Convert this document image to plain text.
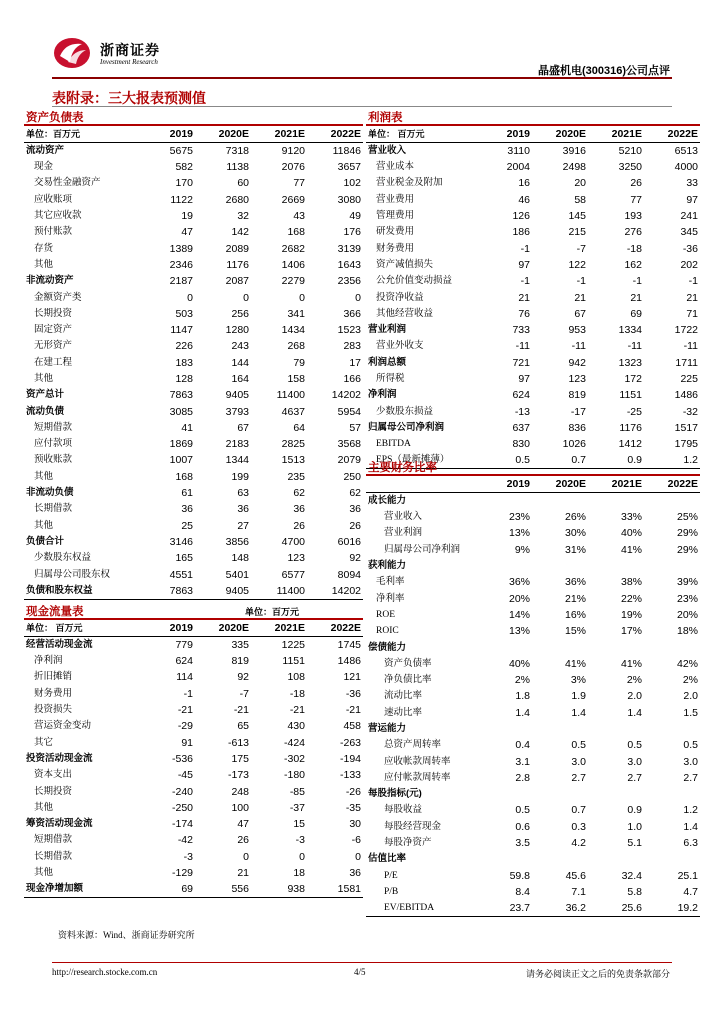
浙商证券
Investment Research
晶盛机电(300316)公司点评
表附录：三大报表预测值
资产负债表
单位：百万元	2019	2020E	2021E	2022E
流动资产	5675	7318	9120	11846
现金	582	1138	2076	3657
交易性金融资产	170	60	77	102
应收账项	1122	2680	2669	3080
其它应收款	19	32	43	49
预付账款	47	142	168	176
存货	1389	2089	2682	3139
其他	2346	1176	1406	1643
非流动资产	2187	2087	2279	2356
金额资产类	0	0	0	0
长期投资	503	256	341	366
固定资产	1147	1280	1434	1523
无形资产	226	243	268	283
在建工程	183	144	79	17
其他	128	164	158	166
资产总计	7863	9405	11400	14202
流动负债	3085	3793	4637	5954
短期借款	41	67	64	57
应付款项	1869	2183	2825	3568
预收账款	1007	1344	1513	2079
其他	168	199	235	250
非流动负债	61	63	62	62
长期借款	36	36	36	36
其他	25	27	26	26
负债合计	3146	3856	4700	6016
少数股东权益	165	148	123	92
归属母公司股东权	4551	5401	6577	8094
负债和股东权益	7863	9405	11400	14202
现金流量表	单位：百万元
单位： 百万元	2019	2020E	2021E	2022E
经营活动现金流	779	335	1225	1745
净利润	624	819	1151	1486
折旧摊销	114	92	108	121
财务费用	-1	-7	-18	-36
投资损失	-21	-21	-21	-21
营运资金变动	-29	65	430	458
其它	91	-613	-424	-263
投资活动现金流	-536	175	-302	-194
资本支出	-45	-173	-180	-133
长期投资	-240	248	-85	-26
其他	-250	100	-37	-35
筹资活动现金流	-174	47	15	30
短期借款	-42	26	-3	-6
长期借款	-3	0	0	0
其他	-129	21	18	36
现金净增加额	69	556	938	1581
利润表
单位： 百万元	2019	2020E	2021E	2022E
营业收入	3110	3916	5210	6513
营业成本	2004	2498	3250	4000
营业税金及附加	16	20	26	33
营业费用	46	58	77	97
管理费用	126	145	193	241
研发费用	186	215	276	345
财务费用	-1	-7	-18	-36
资产减值损失	97	122	162	202
公允价值变动损益	-1	-1	-1	-1
投资净收益	21	21	21	21
其他经营收益	76	67	69	71
营业利润	733	953	1334	1722
营业外收支	-11	-11	-11	-11
利润总额	721	942	1323	1711
所得税	97	123	172	225
净利润	624	819	1151	1486
少数股东损益	-13	-17	-25	-32
归属母公司净利润	637	836	1176	1517
EBITDA	830	1026	1412	1795
EPS（最新摊薄）	0.5	0.7	0.9	1.2
主要财务比率
	2019	2020E	2021E	2022E
成长能力				
营业收入	23%	26%	33%	25%
营业利润	13%	30%	40%	29%
归属母公司净利润	9%	31%	41%	29%
获利能力				
毛利率	36%	36%	38%	39%
净利率	20%	21%	22%	23%
ROE	14%	16%	19%	20%
ROIC	13%	15%	17%	18%
偿债能力				
资产负债率	40%	41%	41%	42%
净负债比率	2%	3%	2%	2%
流动比率	1.8	1.9	2.0	2.0
速动比率	1.4	1.4	1.4	1.5
营运能力				
总资产周转率	0.4	0.5	0.5	0.5
应收帐款周转率	3.1	3.0	3.0	3.0
应付帐款周转率	2.8	2.7	2.7	2.7
每股指标(元)				
每股收益	0.5	0.7	0.9	1.2
每股经营现金	0.6	0.3	1.0	1.4
每股净资产	3.5	4.2	5.1	6.3
估值比率				
P/E	59.8	45.6	32.4	25.1
P/B	8.4	7.1	5.8	4.7
EV/EBITDA	23.7	36.2	25.6	19.2
资料来源：Wind、浙商证券研究所
http://research.stocke.com.cn	4/5	请务必阅读正文之后的免责条款部分
